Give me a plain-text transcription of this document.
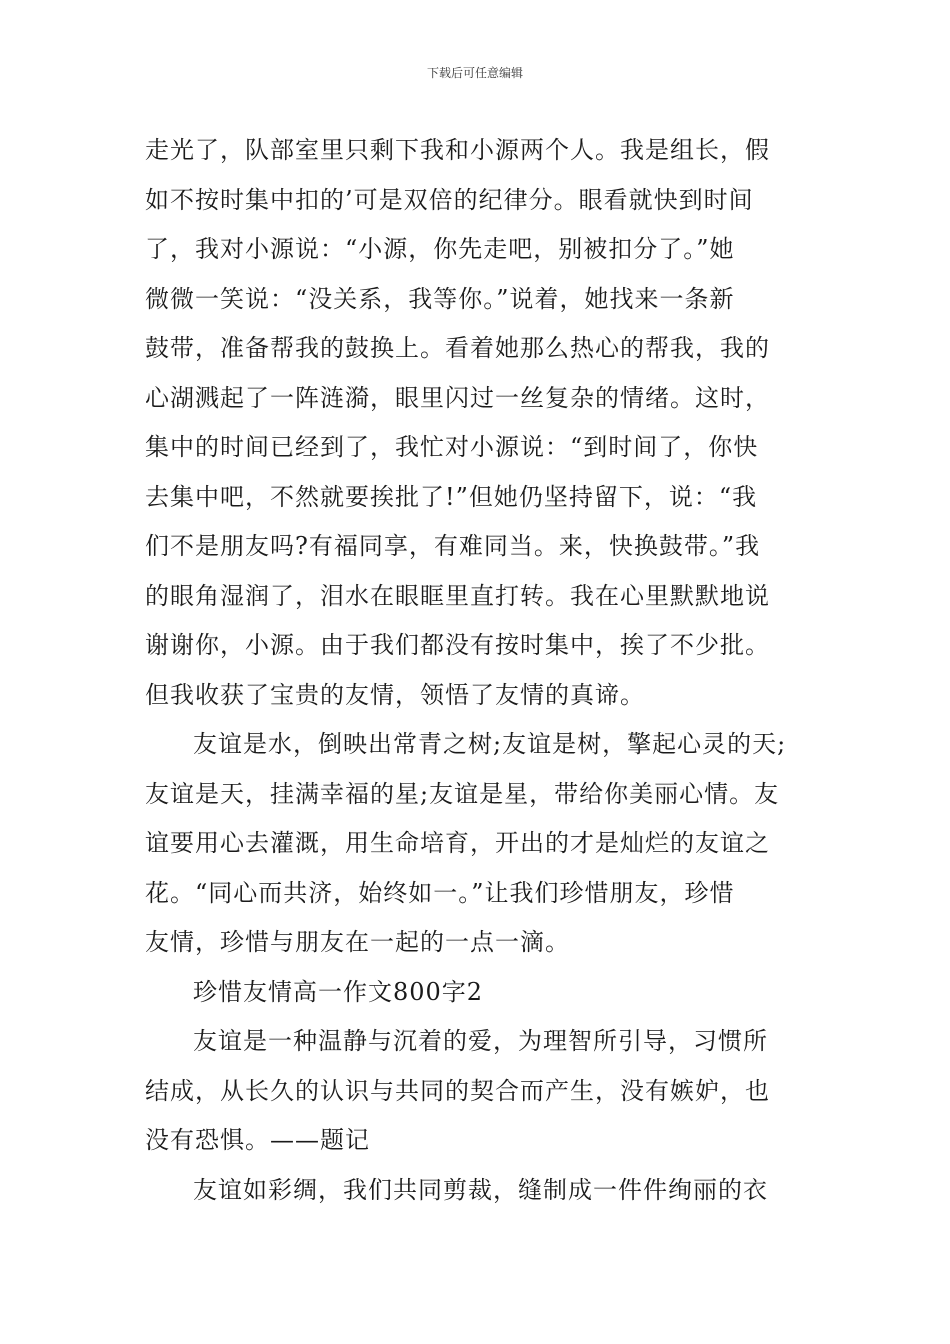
下载后可任意编辑
走光了，队部室里只剩下我和小源两个人。我是组长，假
如不按时集中扣的’可是双倍的纪律分。眼看就快到时间
了，我对小源说：“小源，你先走吧，别被扣分了。”她
微微一笑说：“没关系，我等你。”说着，她找来一条新
鼓带，准备帮我的鼓换上。看着她那么热心的帮我，我的
心湖溅起了一阵涟漪，眼里闪过一丝复杂的情绪。这时，
集中的时间已经到了，我忙对小源说：“到时间了，你快
去集中吧，不然就要挨批了!”但她仍坚持留下，说：“我
们不是朋友吗?有福同享，有难同当。来，快换鼓带。”我
的眼角湿润了，泪水在眼眶里直打转。我在心里默默地说
谢谢你，小源。由于我们都没有按时集中，挨了不少批。
但我收获了宝贵的友情，领悟了友情的真谛。
友谊是水，倒映出常青之树;友谊是树，擎起心灵的天;
友谊是天，挂满幸福的星;友谊是星，带给你美丽心情。友
谊要用心去灌溉，用生命培育，开出的才是灿烂的友谊之
花。“同心而共济，始终如一。”让我们珍惜朋友，珍惜
友情，珍惜与朋友在一起的一点一滴。
珍惜友情高一作文800字2
友谊是一种温静与沉着的爱，为理智所引导，习惯所
结成，从长久的认识与共同的契合而产生，没有嫉妒，也
没有恐惧。——题记
友谊如彩绸，我们共同剪裁，缝制成一件件绚丽的衣
